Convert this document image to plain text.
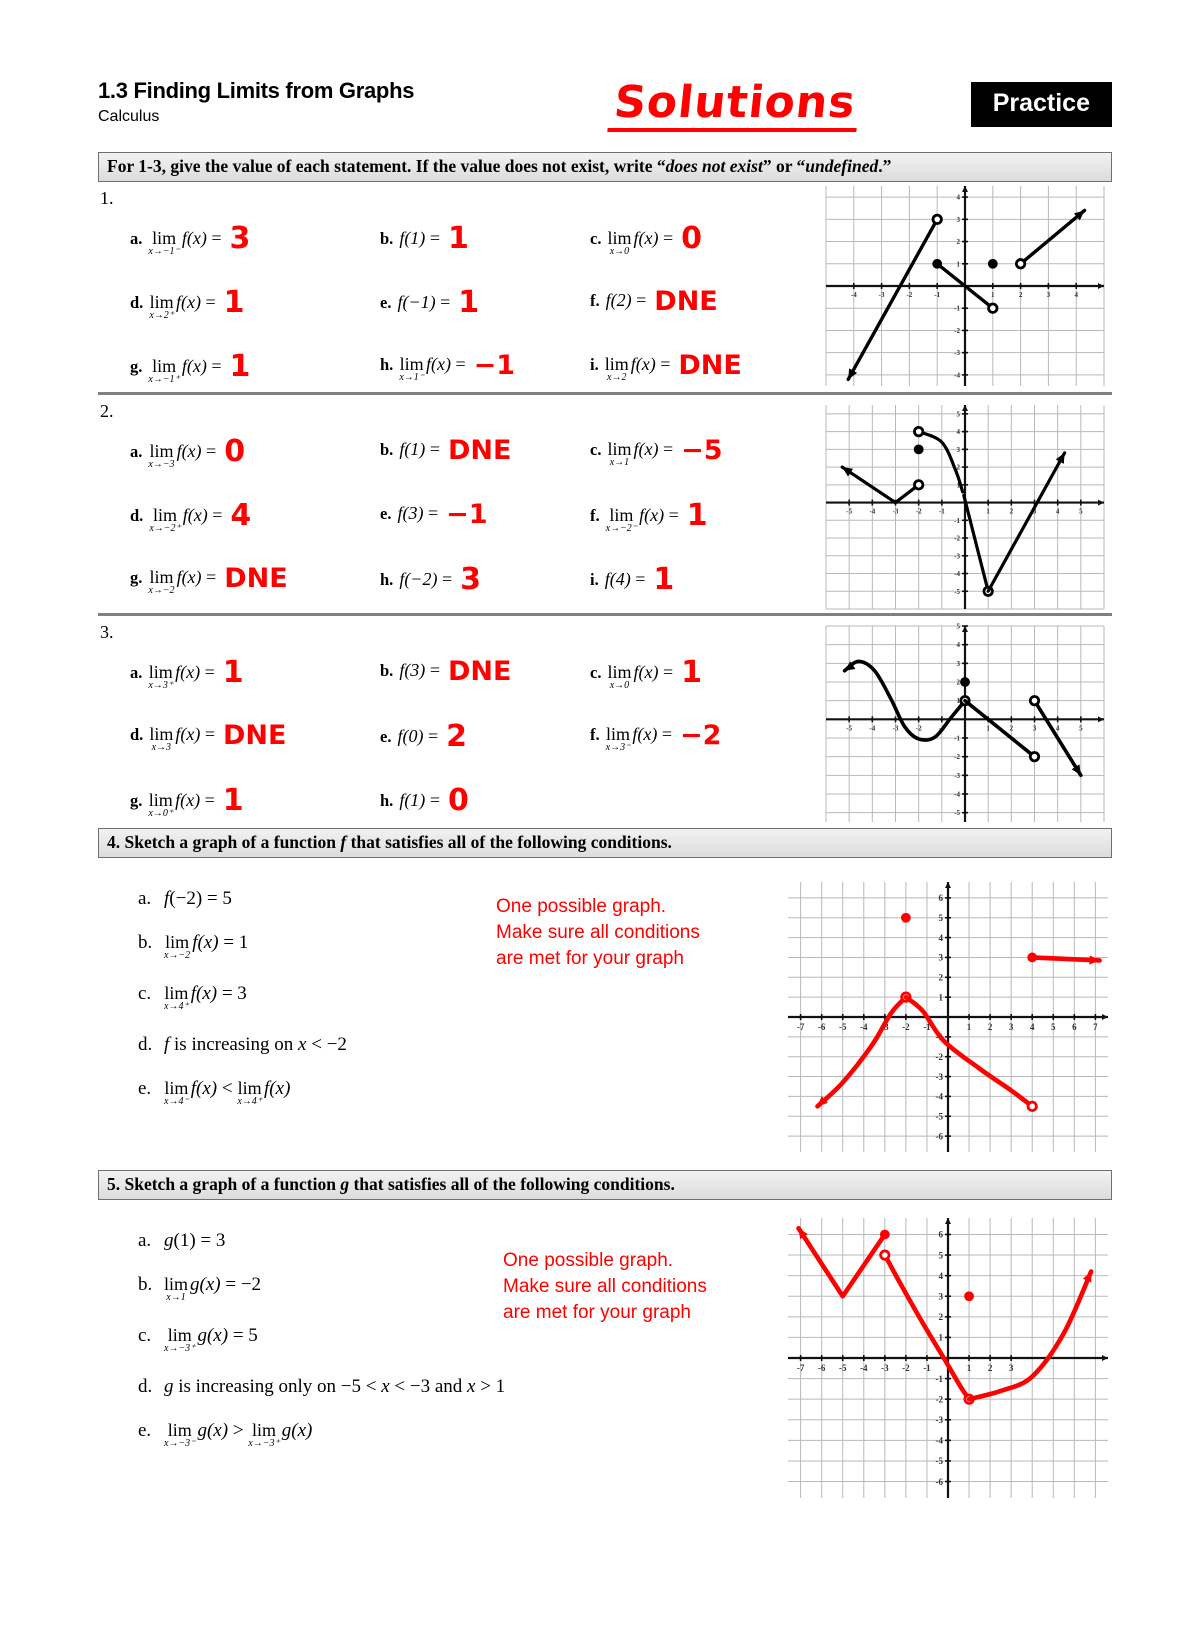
1.3 Finding Limits from Graphs
Calculus	Solutions	Practice
For 1-3, give the value of each statement. If the value does not exist, write “does not exist” or “undefined.”
1.
a. lim
x→−1⁻
f(x) = 3	b. f(1) = 1	c. lim
x→0
f(x) = 0
d. lim
x→2⁺
f(x) = 1	e. f(−1) = 1	f. f(2) = DNE
g. lim
x→−1⁺
f(x) = 1	h. lim
x→1⁻
f(x) = −1	i. lim
x→2
f(x) = DNE
-4	-3	-2	-1	1	2	3	4
-4
-3
-2
-1
1
2
3
4
2.
a. lim
x→−3
f(x) = 0	b. f(1) = DNE	c. lim
x→1
f(x) = −5
d. lim
x→−2⁺
f(x) = 4	e. f(3) = −1	f. lim
x→−2⁻
f(x) = 1
g. lim
x→−2
f(x) = DNE	h. f(−2) = 3	i. f(4) = 1
-5 -4 -3 -2 -1	1	2	3	4	5
-5
-4
-3
-2
-1
1
2
3
4
5
3.
a. lim
x→3⁺
f(x) = 1	b. f(3) = DNE	c. lim
x→0
f(x) = 1
d. lim
x→3
f(x) = DNE	e. f(0) = 2	f. lim
x→3⁻
f(x) = −2
g. lim
x→0⁺
f(x) = 1	h. f(1) = 0
-5 -4 -3 -2 -1	1	2	3	4	5
-5
-4
-3
-2
-1
1
2
3
4
5
4. Sketch a graph of a function f that satisfies all of the following conditions.
a. f(−2) = 5
b. lim
x→−2
f(x) = 1
c. lim
x→4⁺
f(x) = 3
d. f is increasing on x < −2
e. lim
x→4⁻
f(x) < lim
x→4⁺
f(x)
One possible graph.
Make sure all conditions
are met for your graph
-7 -6 -5 -4 -3 -2 -1	1 2 3 4 5 6 7
-6
-5
-4
-3
-2
-1
1
2
3
4
5
6
5. Sketch a graph of a function g that satisfies all of the following conditions.
a. g(1) = 3
b. lim
x→1
g(x) = −2
c. lim
x→−3⁺
g(x) = 5
d. g is increasing only on −5 < x < −3 and x > 1
e. lim
x→−3⁻
g(x) > lim
x→−3⁺
g(x)
One possible graph.
Make sure all conditions
are met for your graph
-7 -6 -5 -4 -3 -2 -1	1 2 3
-6
-5
-4
-3
-2
-1
1
2
3
4
5
6
